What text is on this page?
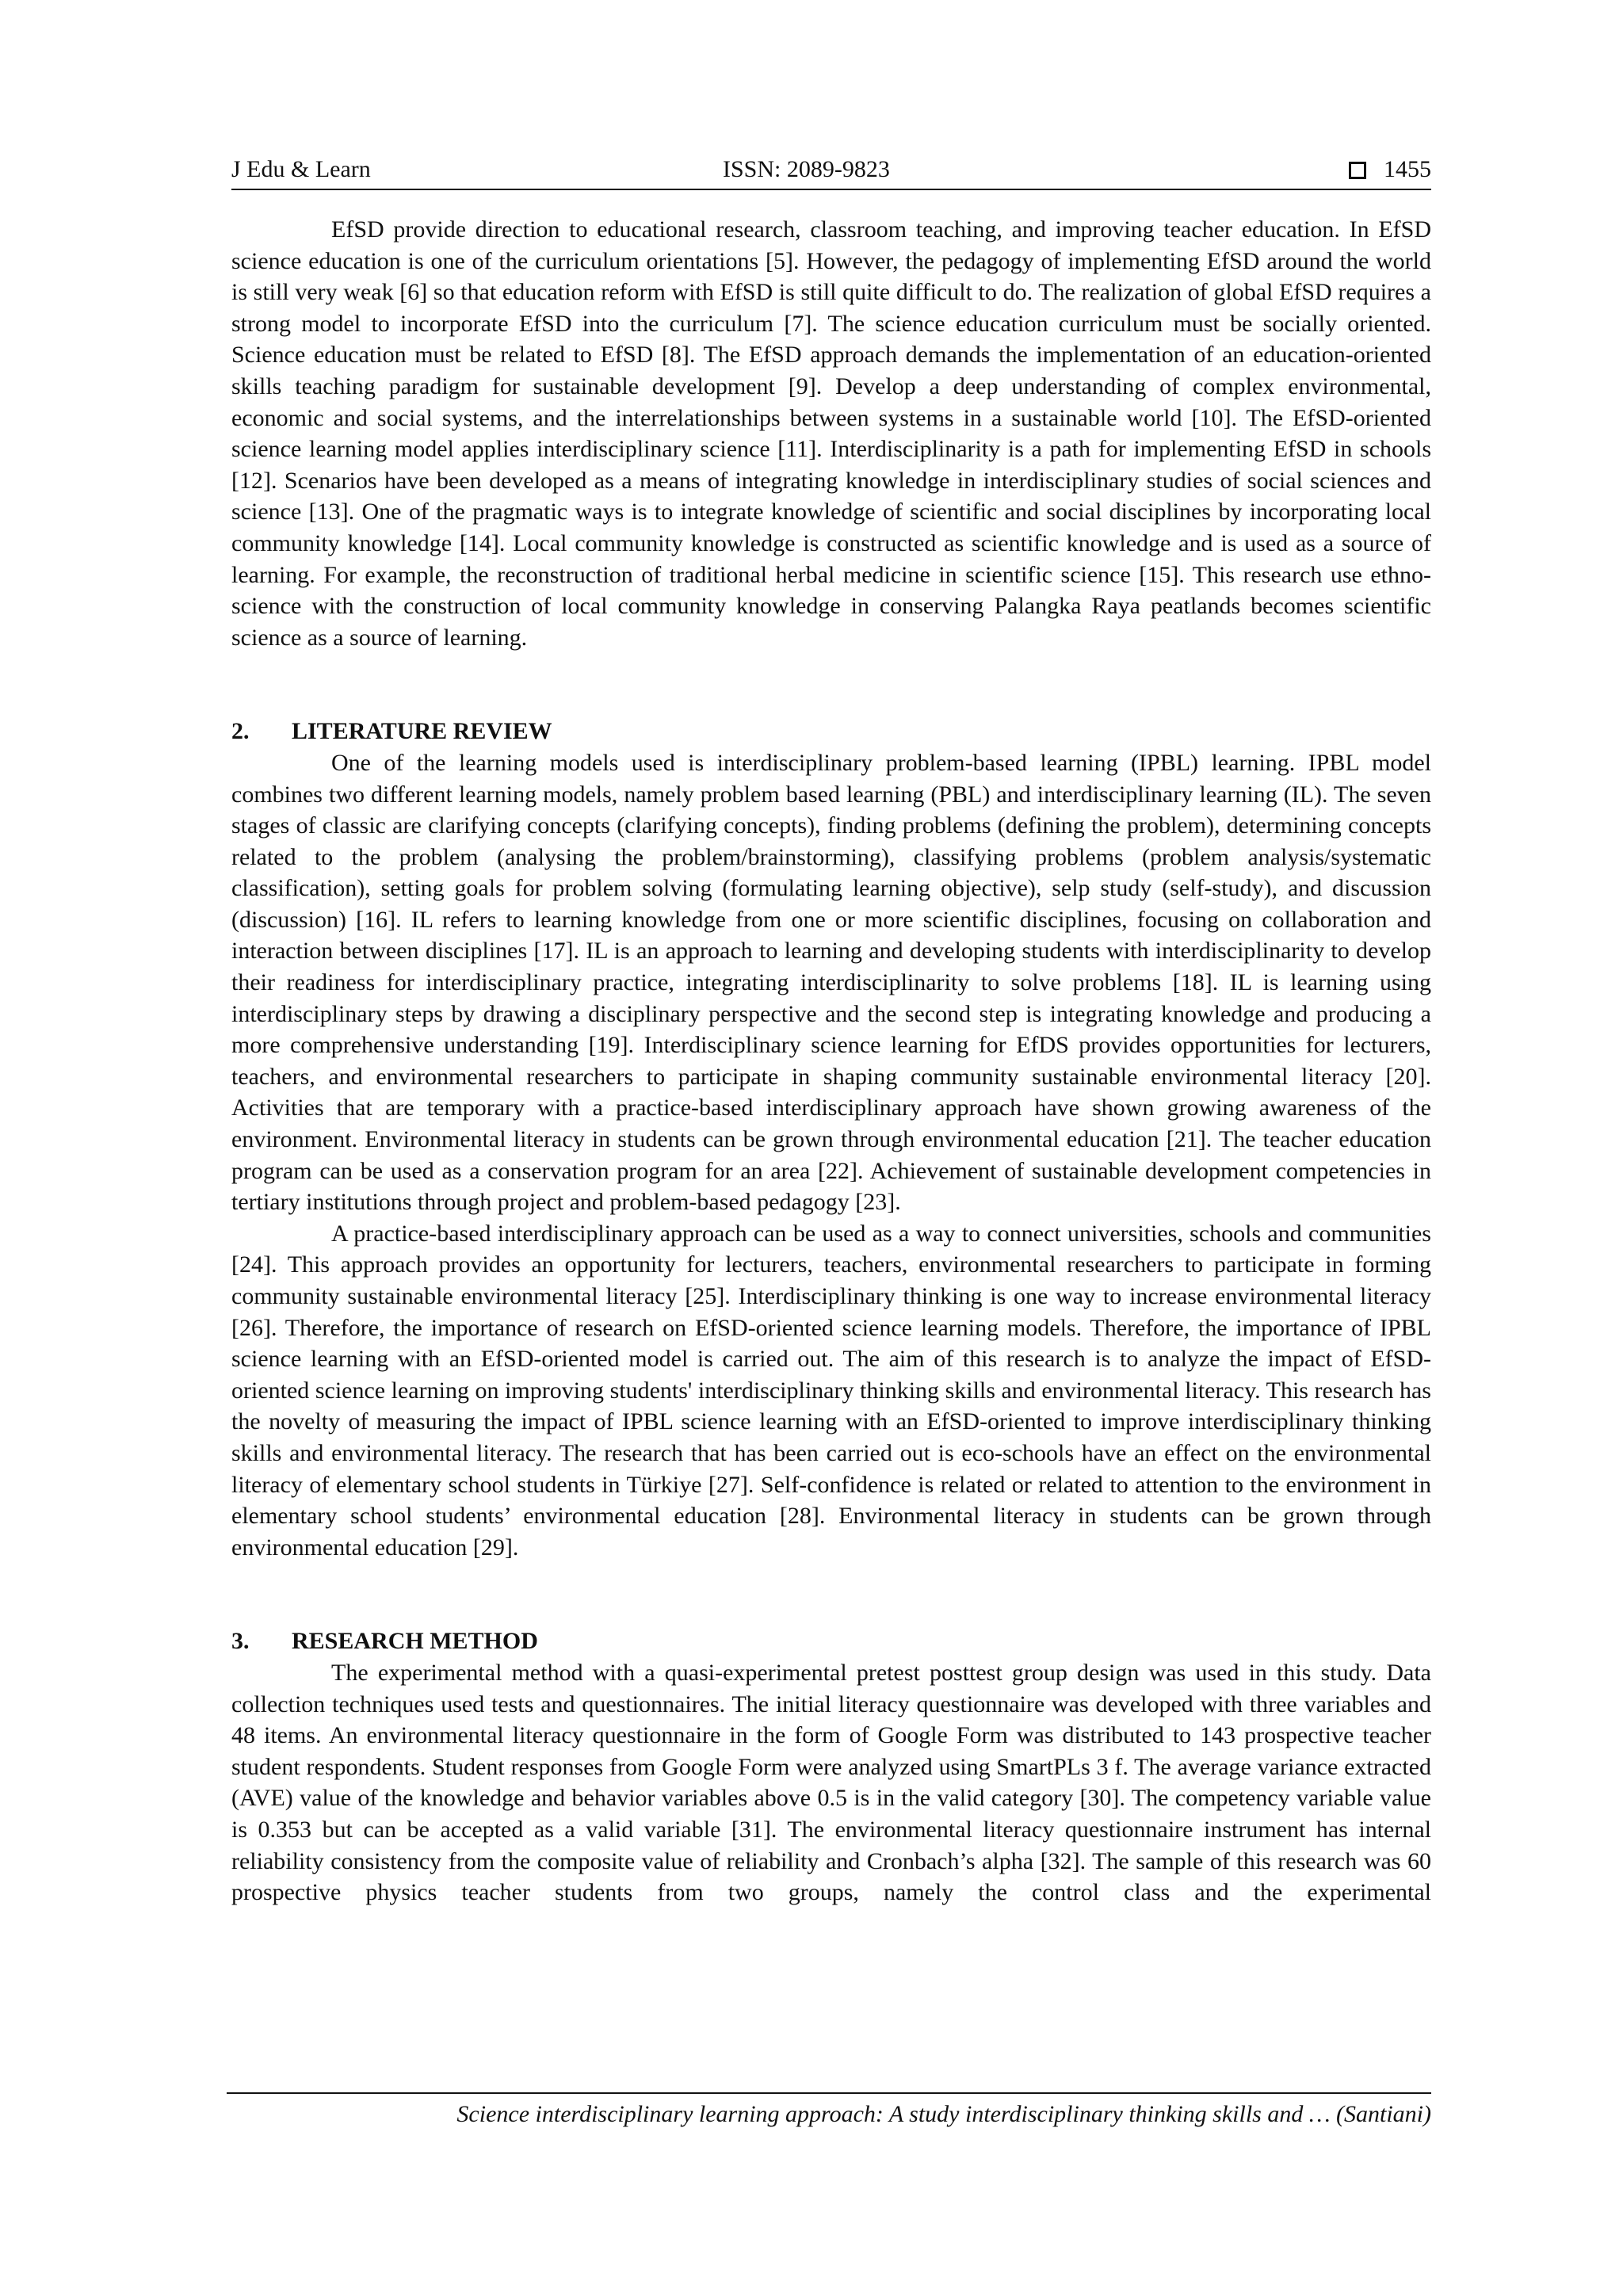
J Edu & Learn	ISSN: 2089-9823	1455

EfSD provide direction to educational research, classroom teaching, and improving teacher education. In EfSD science education is one of the curriculum orientations [5]. However, the pedagogy of implementing EfSD around the world is still very weak [6] so that education reform with EfSD is still quite difficult to do. The realization of global EfSD requires a strong model to incorporate EfSD into the curriculum [7]. The science education curriculum must be socially oriented. Science education must be related to EfSD [8]. The EfSD approach demands the implementation of an education-oriented skills teaching paradigm for sustainable development [9]. Develop a deep understanding of complex environmental, economic and social systems, and the interrelationships between systems in a sustainable world [10]. The EfSD-oriented science learning model applies interdisciplinary science [11]. Interdisciplinarity is a path for implementing EfSD in schools [12]. Scenarios have been developed as a means of integrating knowledge in interdisciplinary studies of social sciences and science [13]. One of the pragmatic ways is to integrate knowledge of scientific and social disciplines by incorporating local community knowledge [14]. Local community knowledge is constructed as scientific knowledge and is used as a source of learning. For example, the reconstruction of traditional herbal medicine in scientific science [15]. This research use ethno-science with the construction of local community knowledge in conserving Palangka Raya peatlands becomes scientific science as a source of learning.

2. LITERATURE REVIEW

One of the learning models used is interdisciplinary problem-based learning (IPBL) learning. IPBL model combines two different learning models, namely problem based learning (PBL) and interdisciplinary learning (IL). The seven stages of classic are clarifying concepts (clarifying concepts), finding problems (defining the problem), determining concepts related to the problem (analysing the problem/brainstorming), classifying problems (problem analysis/systematic classification), setting goals for problem solving (formulating learning objective), selp study (self-study), and discussion (discussion) [16]. IL refers to learning knowledge from one or more scientific disciplines, focusing on collaboration and interaction between disciplines [17]. IL is an approach to learning and developing students with interdisciplinarity to develop their readiness for interdisciplinary practice, integrating interdisciplinarity to solve problems [18]. IL is learning using interdisciplinary steps by drawing a disciplinary perspective and the second step is integrating knowledge and producing a more comprehensive understanding [19]. Interdisciplinary science learning for EfDS provides opportunities for lecturers, teachers, and environmental researchers to participate in shaping community sustainable environmental literacy [20]. Activities that are temporary with a practice-based interdisciplinary approach have shown growing awareness of the environment. Environmental literacy in students can be grown through environmental education [21]. The teacher education program can be used as a conservation program for an area [22]. Achievement of sustainable development competencies in tertiary institutions through project and problem-based pedagogy [23].

A practice-based interdisciplinary approach can be used as a way to connect universities, schools and communities [24]. This approach provides an opportunity for lecturers, teachers, environmental researchers to participate in forming community sustainable environmental literacy [25]. Interdisciplinary thinking is one way to increase environmental literacy [26]. Therefore, the importance of research on EfSD-oriented science learning models. Therefore, the importance of IPBL science learning with an EfSD-oriented model is carried out. The aim of this research is to analyze the impact of EfSD-oriented science learning on improving students' interdisciplinary thinking skills and environmental literacy. This research has the novelty of measuring the impact of IPBL science learning with an EfSD-oriented to improve interdisciplinary thinking skills and environmental literacy. The research that has been carried out is eco-schools have an effect on the environmental literacy of elementary school students in Türkiye [27]. Self-confidence is related or related to attention to the environment in elementary school students’ environmental education [28]. Environmental literacy in students can be grown through environmental education [29].

3. RESEARCH METHOD

The experimental method with a quasi-experimental pretest posttest group design was used in this study. Data collection techniques used tests and questionnaires. The initial literacy questionnaire was developed with three variables and 48 items. An environmental literacy questionnaire in the form of Google Form was distributed to 143 prospective teacher student respondents. Student responses from Google Form were analyzed using SmartPLs 3 f. The average variance extracted (AVE) value of the knowledge and behavior variables above 0.5 is in the valid category [30]. The competency variable value is 0.353 but can be accepted as a valid variable [31]. The environmental literacy questionnaire instrument has internal reliability consistency from the composite value of reliability and Cronbach’s alpha [32]. The sample of this research was 60 prospective physics teacher students from two groups, namely the control class and the experimental

Science interdisciplinary learning approach: A study interdisciplinary thinking skills and … (Santiani)
